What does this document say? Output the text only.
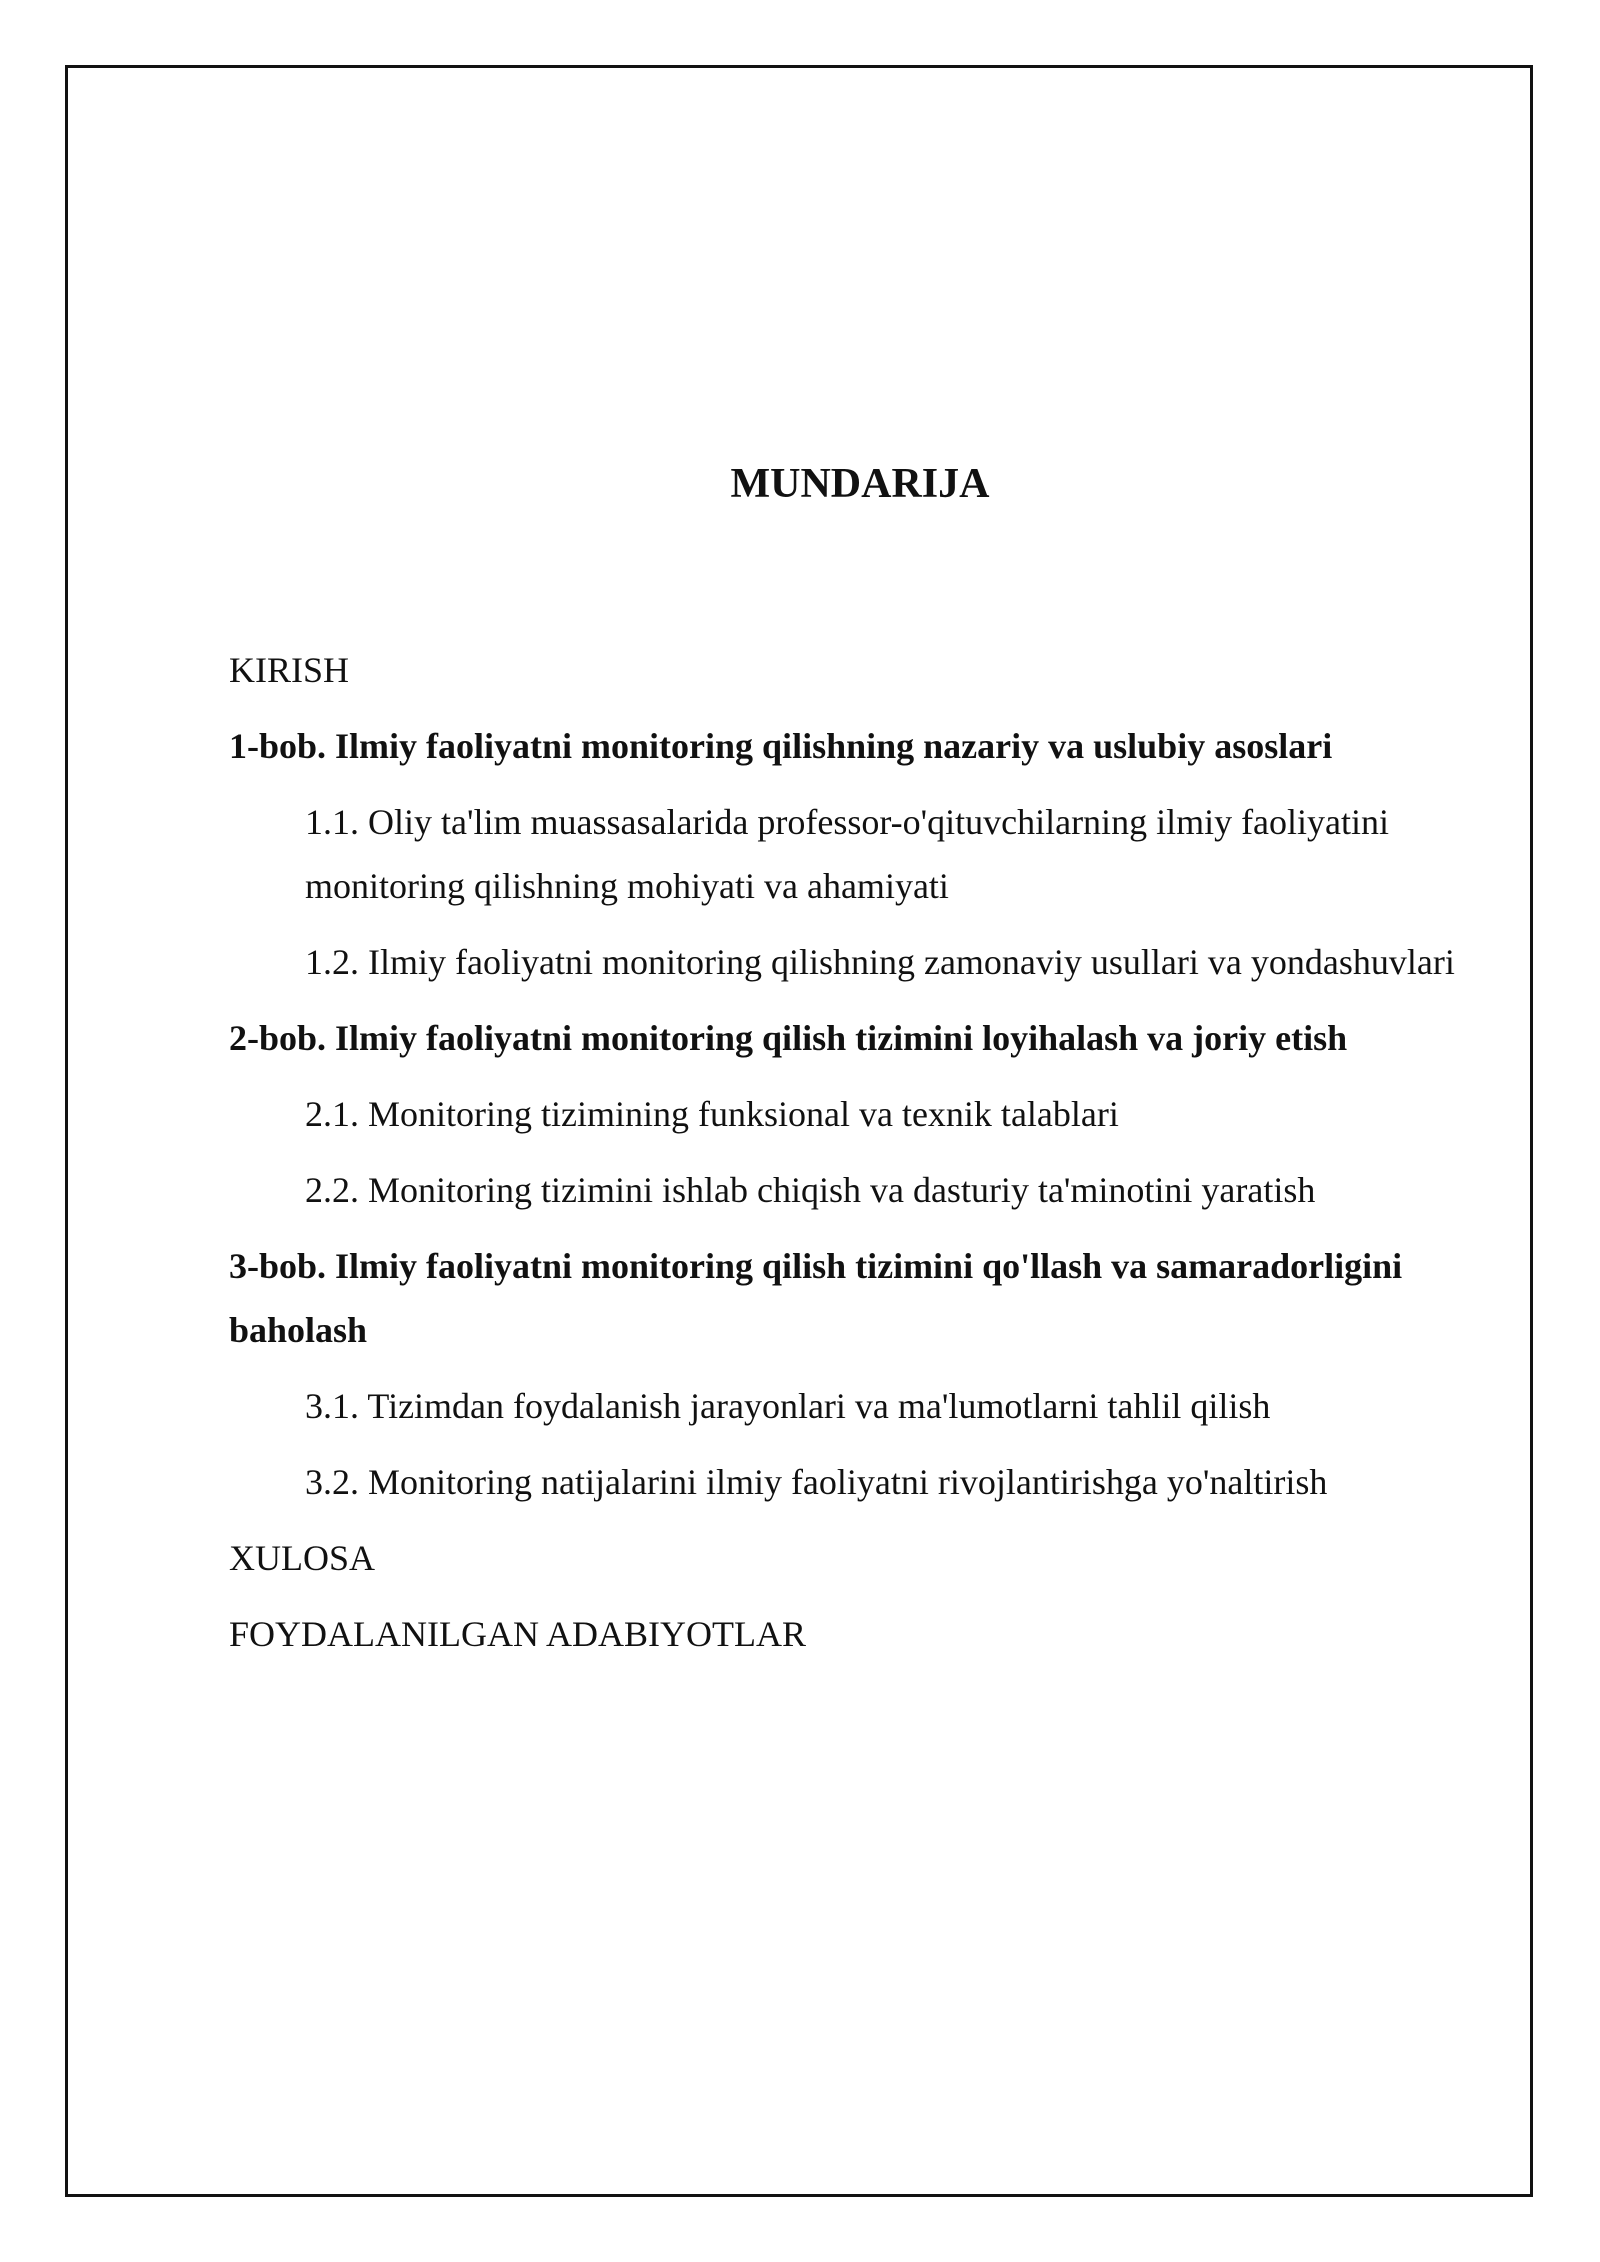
MUNDARIJA
KIRISH
1-bob. Ilmiy faoliyatni monitoring qilishning nazariy va uslubiy asoslari
1.1. Oliy ta'lim muassasalarida professor-o'qituvchilarning ilmiy faoliyatini monitoring qilishning mohiyati va ahamiyati
1.2. Ilmiy faoliyatni monitoring qilishning zamonaviy usullari va yondashuvlari
2-bob. Ilmiy faoliyatni monitoring qilish tizimini loyihalash va joriy etish
2.1. Monitoring tizimining funksional va texnik talablari
2.2. Monitoring tizimini ishlab chiqish va dasturiy ta'minotini yaratish
3-bob. Ilmiy faoliyatni monitoring qilish tizimini qo'llash va samaradorligini baholash
3.1. Tizimdan foydalanish jarayonlari va ma'lumotlarni tahlil qilish
3.2. Monitoring natijalarini ilmiy faoliyatni rivojlantirishga yo'naltirish
XULOSA
FOYDALANILGAN ADABIYOTLAR
